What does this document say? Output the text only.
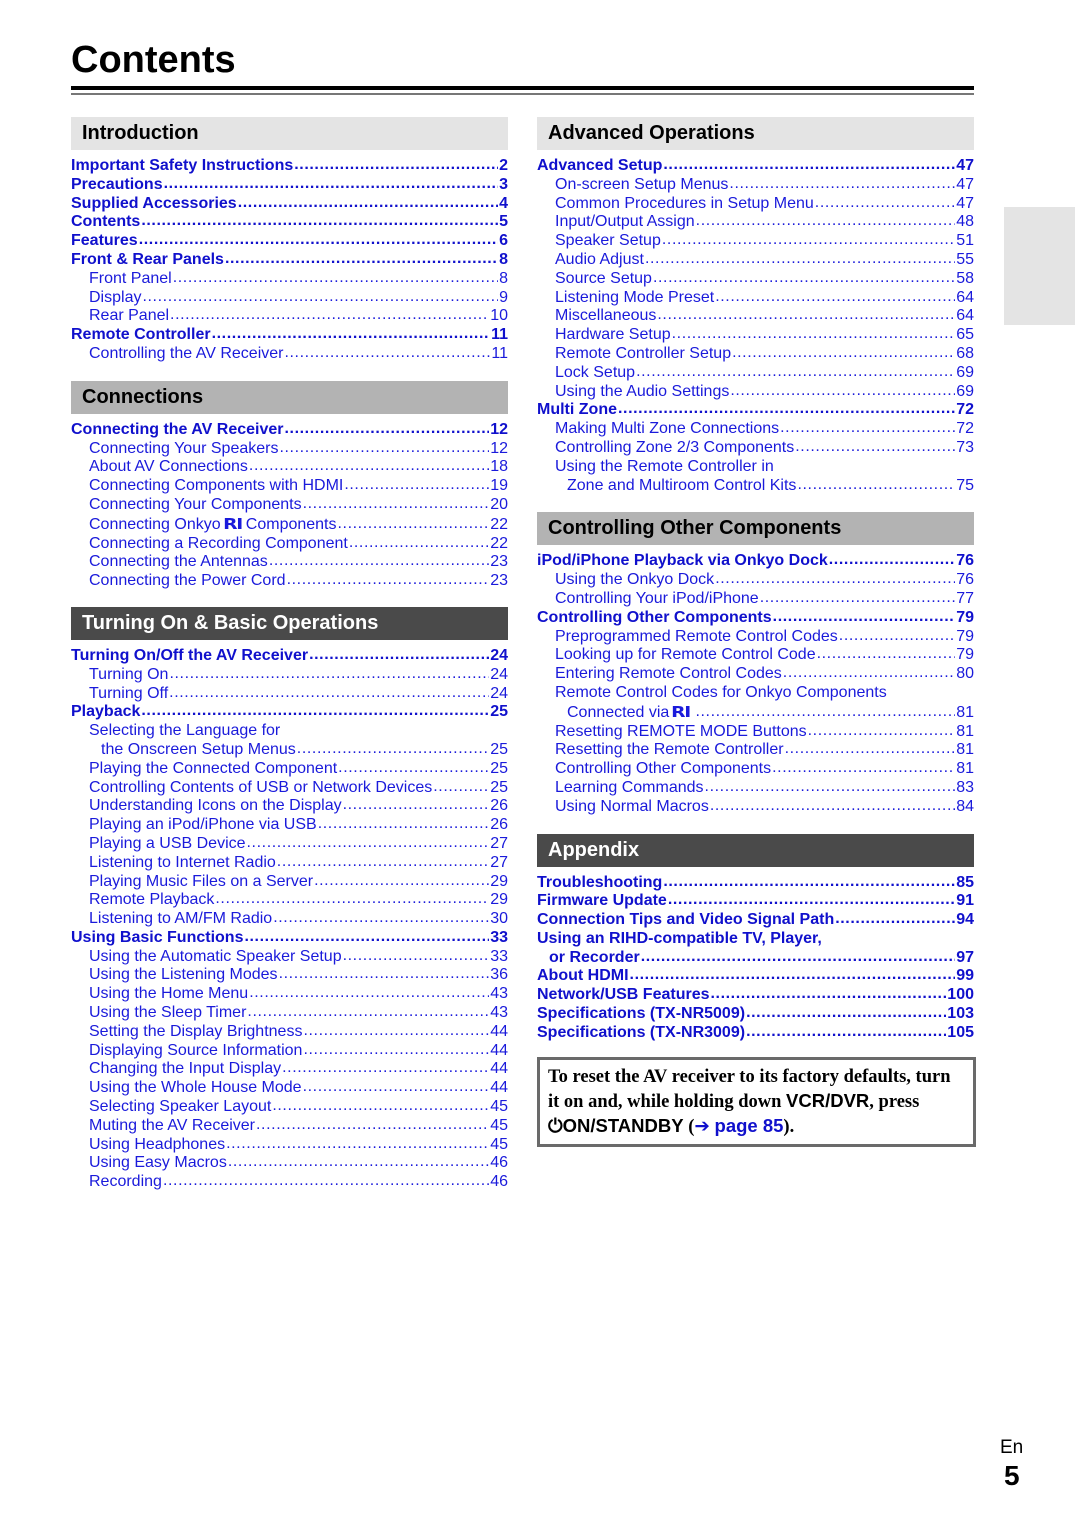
Contents
Introduction
Important Safety Instructions .....	2
Precautions .....	3
Supplied Accessories .....	4
Contents .....	5
Features .....	6
Front & Rear Panels .....	8
Front Panel .....	8
Display .....	9
Rear Panel .....	10
Remote Controller .....	11
Controlling the AV Receiver .....	11
Connections
Connecting the AV Receiver .....	12
Connecting Your Speakers .....	12
About AV Connections .....	18
Connecting Components with HDMI .....	19
Connecting Your Components .....	20
Connecting Onkyo RI Components .....	22
Connecting a Recording Component .....	22
Connecting the Antennas .....	23
Connecting the Power Cord .....	23
Turning On & Basic Operations
Turning On/Off the AV Receiver .....	24
Turning On .....	24
Turning Off .....	24
Playback .....	25
Selecting the Language for
the Onscreen Setup Menus .....	25
Playing the Connected Component .....	25
Controlling Contents of USB or Network Devices .....	25
Understanding Icons on the Display .....	26
Playing an iPod/iPhone via USB .....	26
Playing a USB Device .....	27
Listening to Internet Radio .....	27
Playing Music Files on a Server .....	29
Remote Playback .....	29
Listening to AM/FM Radio .....	30
Using Basic Functions .....	33
Using the Automatic Speaker Setup .....	33
Using the Listening Modes .....	36
Using the Home Menu .....	43
Using the Sleep Timer .....	43
Setting the Display Brightness .....	44
Displaying Source Information .....	44
Changing the Input Display .....	44
Using the Whole House Mode .....	44
Selecting Speaker Layout .....	45
Muting the AV Receiver .....	45
Using Headphones .....	45
Using Easy Macros .....	46
Recording .....	46
Advanced Operations
Advanced Setup .....	47
On-screen Setup Menus .....	47
Common Procedures in Setup Menu .....	47
Input/Output Assign .....	48
Speaker Setup .....	51
Audio Adjust .....	55
Source Setup .....	58
Listening Mode Preset .....	64
Miscellaneous .....	64
Hardware Setup .....	65
Remote Controller Setup .....	68
Lock Setup .....	69
Using the Audio Settings .....	69
Multi Zone .....	72
Making Multi Zone Connections .....	72
Controlling Zone 2/3 Components .....	73
Using the Remote Controller in
Zone and Multiroom Control Kits .....	75
Controlling Other Components
iPod/iPhone Playback via Onkyo Dock .....	76
Using the Onkyo Dock .....	76
Controlling Your iPod/iPhone .....	77
Controlling Other Components .....	79
Preprogrammed Remote Control Codes .....	79
Looking up for Remote Control Code .....	79
Entering Remote Control Codes .....	80
Remote Control Codes for Onkyo Components
Connected via RI .....	81
Resetting REMOTE MODE Buttons .....	81
Resetting the Remote Controller .....	81
Controlling Other Components .....	81
Learning Commands .....	83
Using Normal Macros .....	84
Appendix
Troubleshooting .....	85
Firmware Update .....	91
Connection Tips and Video Signal Path .....	94
Using an RIHD-compatible TV, Player,
or Recorder .....	97
About HDMI .....	99
Network/USB Features .....	100
Specifications (TX-NR5009) .....	103
Specifications (TX-NR3009) .....	105
To reset the AV receiver to its factory defaults, turn it on and, while holding down VCR/DVR, press
⏻ON/STANDBY (➔ page 85).
En
5
